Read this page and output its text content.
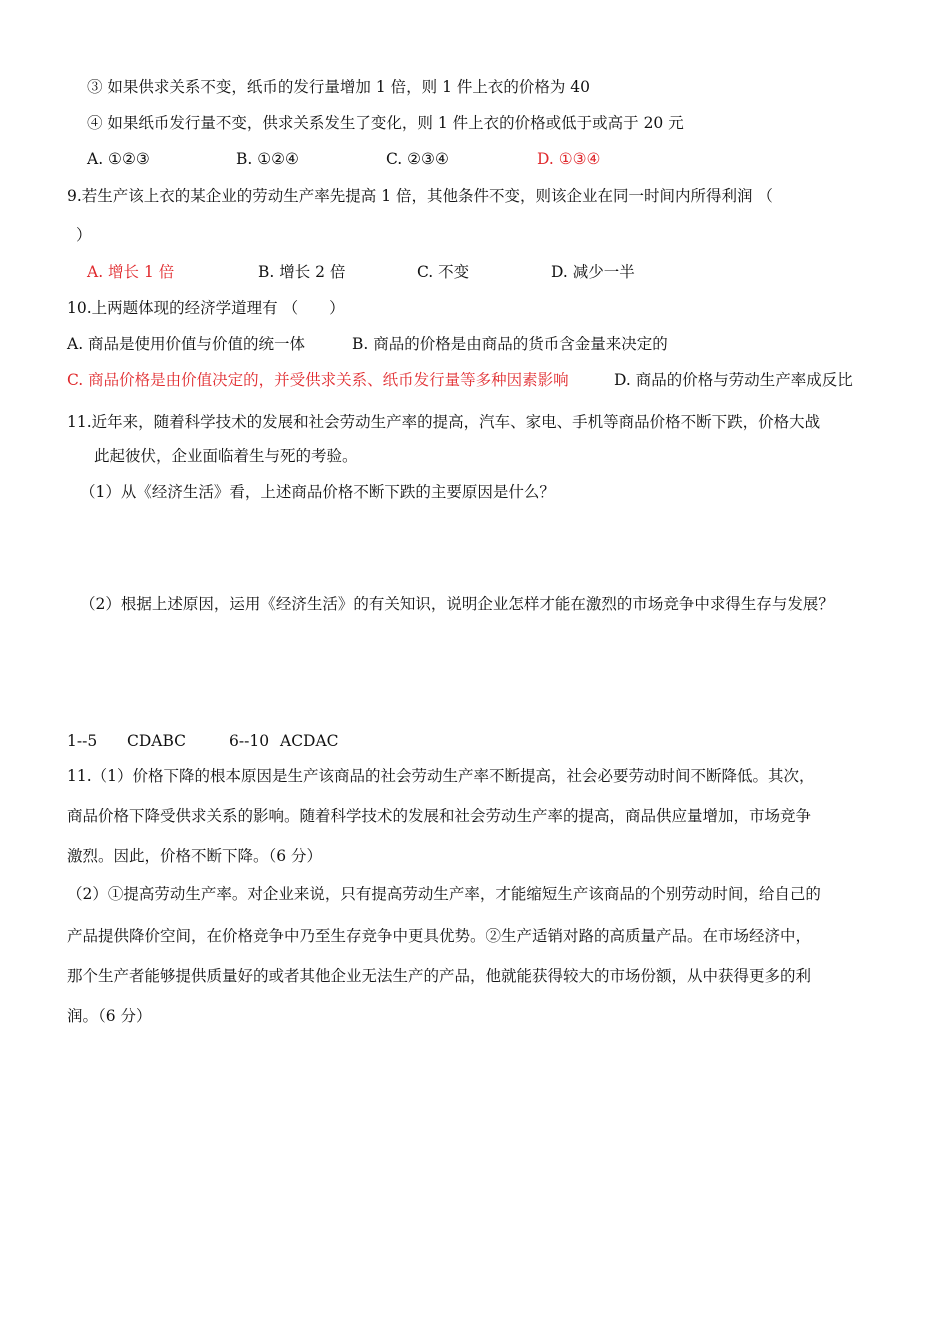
③ 如果供求关系不变，纸币的发行量增加 1 倍，则 1 件上衣的价格为 40
④ 如果纸币发行量不变，供求关系发生了变化，则 1 件上衣的价格或低于或高于 20 元
A. ①②③	B. ①②④	C. ②③④	D. ①③④
9.若生产该上衣的某企业的劳动生产率先提高 1 倍，其他条件不变，则该企业在同一时间内所得利润 （
）
A. 增长 1 倍	B. 增长 2 倍	C. 不变	D. 减少一半
10.上两题体现的经济学道理有 （　　）
A. 商品是使用价值与价值的统一体	B. 商品的价格是由商品的货币含金量来决定的
C. 商品价格是由价值决定的，并受供求关系、纸币发行量等多种因素影响	D. 商品的价格与劳动生产率成反比
11.近年来，随着科学技术的发展和社会劳动生产率的提高，汽车、家电、手机等商品价格不断下跌，价格大战
此起彼伏，企业面临着生与死的考验。
（1）从《经济生活》看，上述商品价格不断下跌的主要原因是什么？
（2）根据上述原因，运用《经济生活》的有关知识，说明企业怎样才能在激烈的市场竞争中求得生存与发展？
1--5 CDABC	6--10 ACDAC
11.（1）价格下降的根本原因是生产该商品的社会劳动生产率不断提高，社会必要劳动时间不断降低。其次，
商品价格下降受供求关系的影响。随着科学技术的发展和社会劳动生产率的提高，商品供应量增加，市场竞争
激烈。因此，价格不断下降。（6 分）
（2）①提高劳动生产率。对企业来说，只有提高劳动生产率，才能缩短生产该商品的个别劳动时间，给自己的
产品提供降价空间，在价格竞争中乃至生存竞争中更具优势。②生产适销对路的高质量产品。在市场经济中，
那个生产者能够提供质量好的或者其他企业无法生产的产品，他就能获得较大的市场份额，从中获得更多的利
润。（6 分）
